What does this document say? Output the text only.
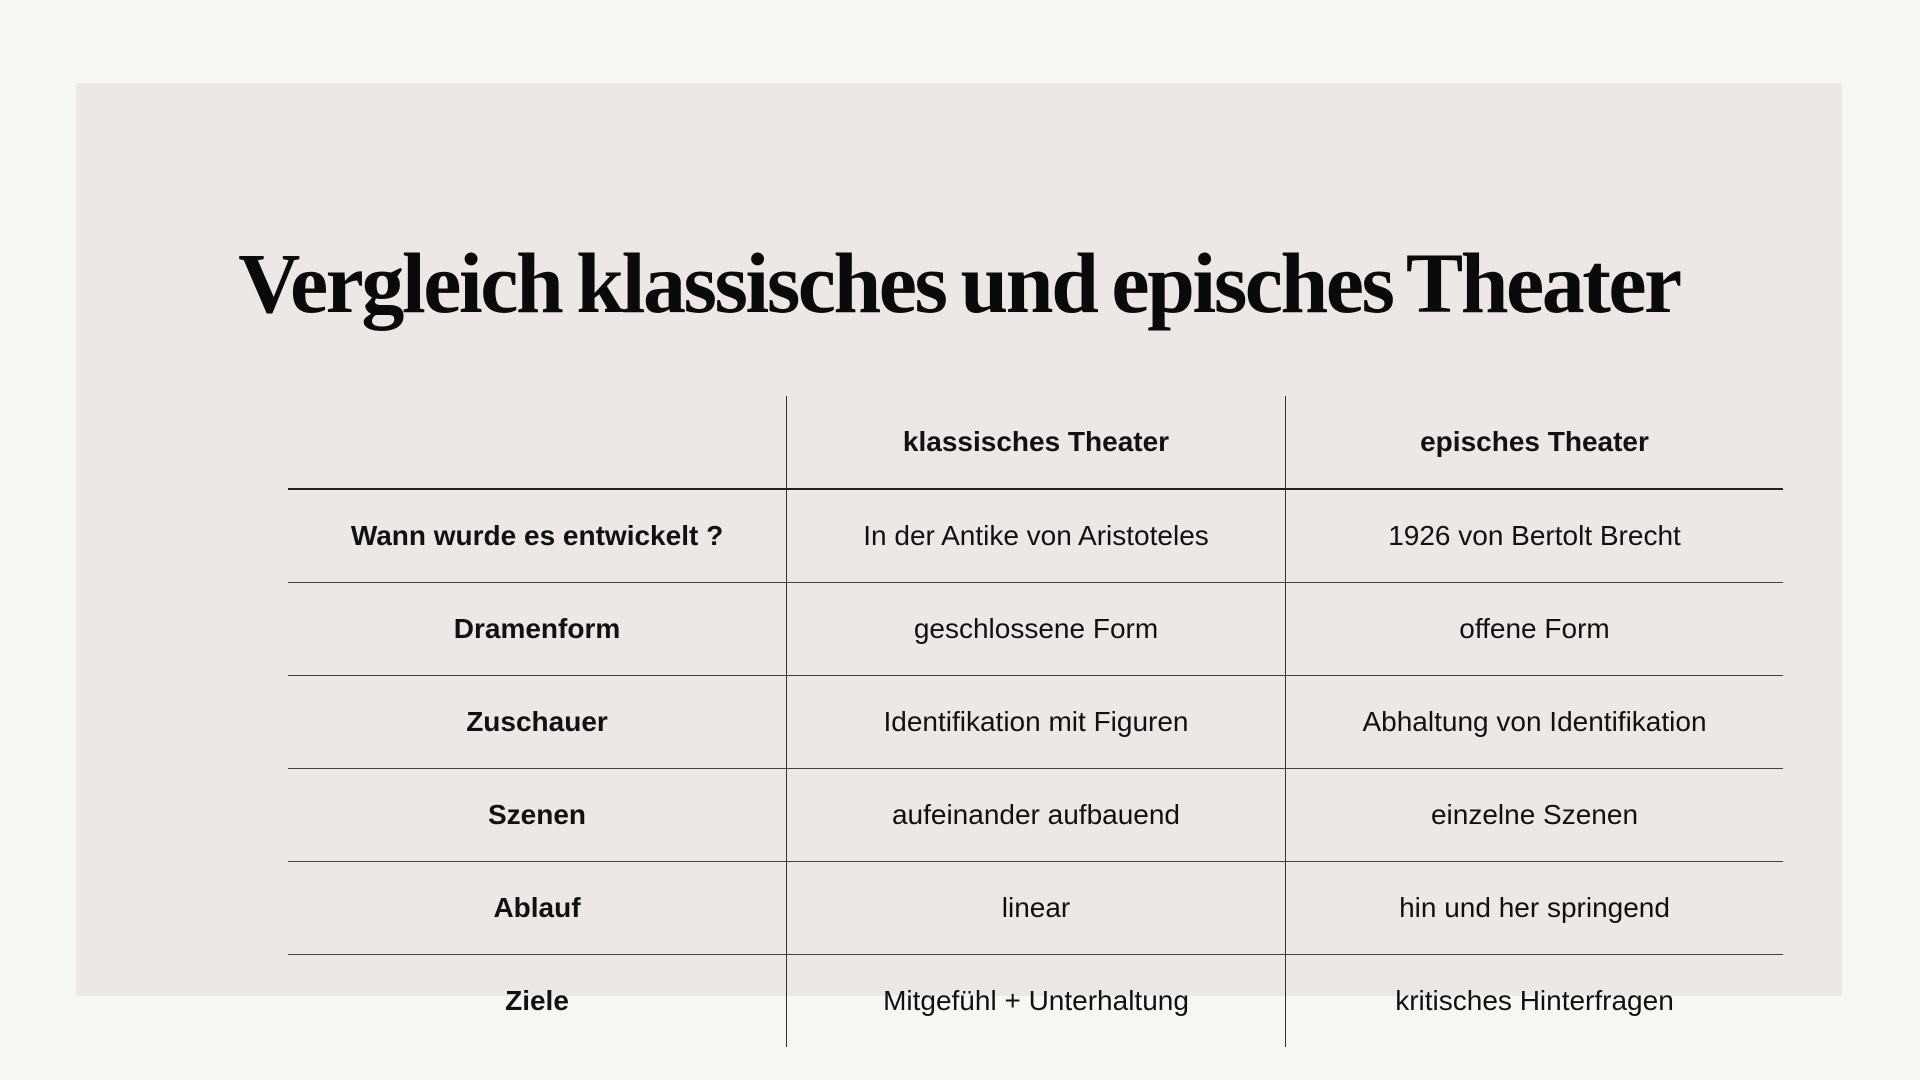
Vergleich klassisches und episches Theater
	klassisches Theater	episches Theater
Wann wurde es entwickelt ?	In der Antike von Aristoteles	1926 von Bertolt Brecht
Dramenform	geschlossene Form	offene Form
Zuschauer	Identifikation mit Figuren	Abhaltung von Identifikation
Szenen	aufeinander aufbauend	einzelne Szenen
Ablauf	linear	hin und her springend
Ziele	Mitgefühl + Unterhaltung	kritisches Hinterfragen
